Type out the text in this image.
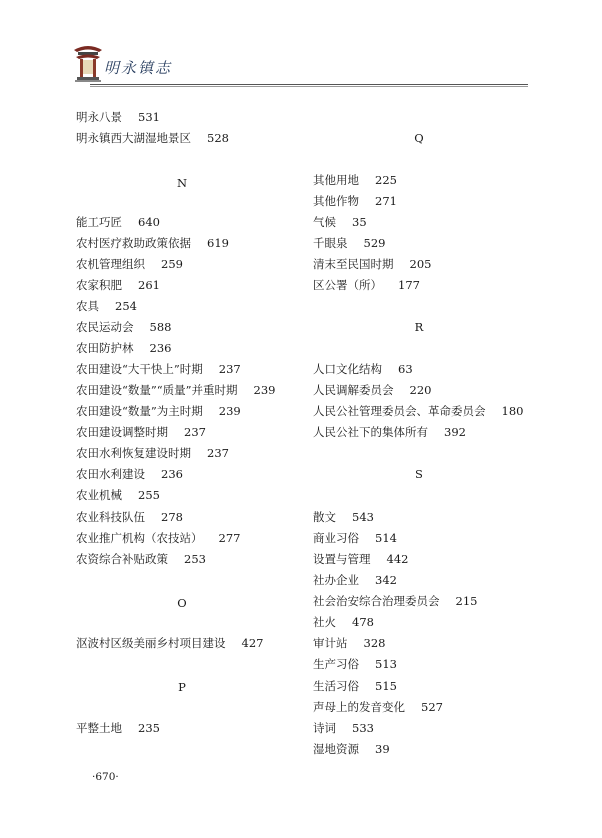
明永镇志
明永八景 531
明永镇西大湖湿地景区 528
N
能工巧匠 640
农村医疗救助政策依据 619
农机管理组织 259
农家积肥 261
农具 254
农民运动会 588
农田防护林 236
农田建设“大干快上”时期 237
农田建设“数量”“质量”并重时期 239
农田建设“数量”为主时期 239
农田建设调整时期 237
农田水利恢复建设时期 237
农田水利建设 236
农业机械 255
农业科技队伍 278
农业推广机构（农技站） 277
农资综合补贴政策 253
O
沤波村区级美丽乡村项目建设 427
P
平整土地 235
Q
其他用地 225
其他作物 271
气候 35
千眼泉 529
清末至民国时期 205
区公署（所） 177
R
人口文化结构 63
人民调解委员会 220
人民公社管理委员会、革命委员会 180
人民公社下的集体所有 392
S
散文 543
商业习俗 514
设置与管理 442
社办企业 342
社会治安综合治理委员会 215
社火 478
审计站 328
生产习俗 513
生活习俗 515
声母上的发音变化 527
诗词 533
湿地资源 39
·670·
